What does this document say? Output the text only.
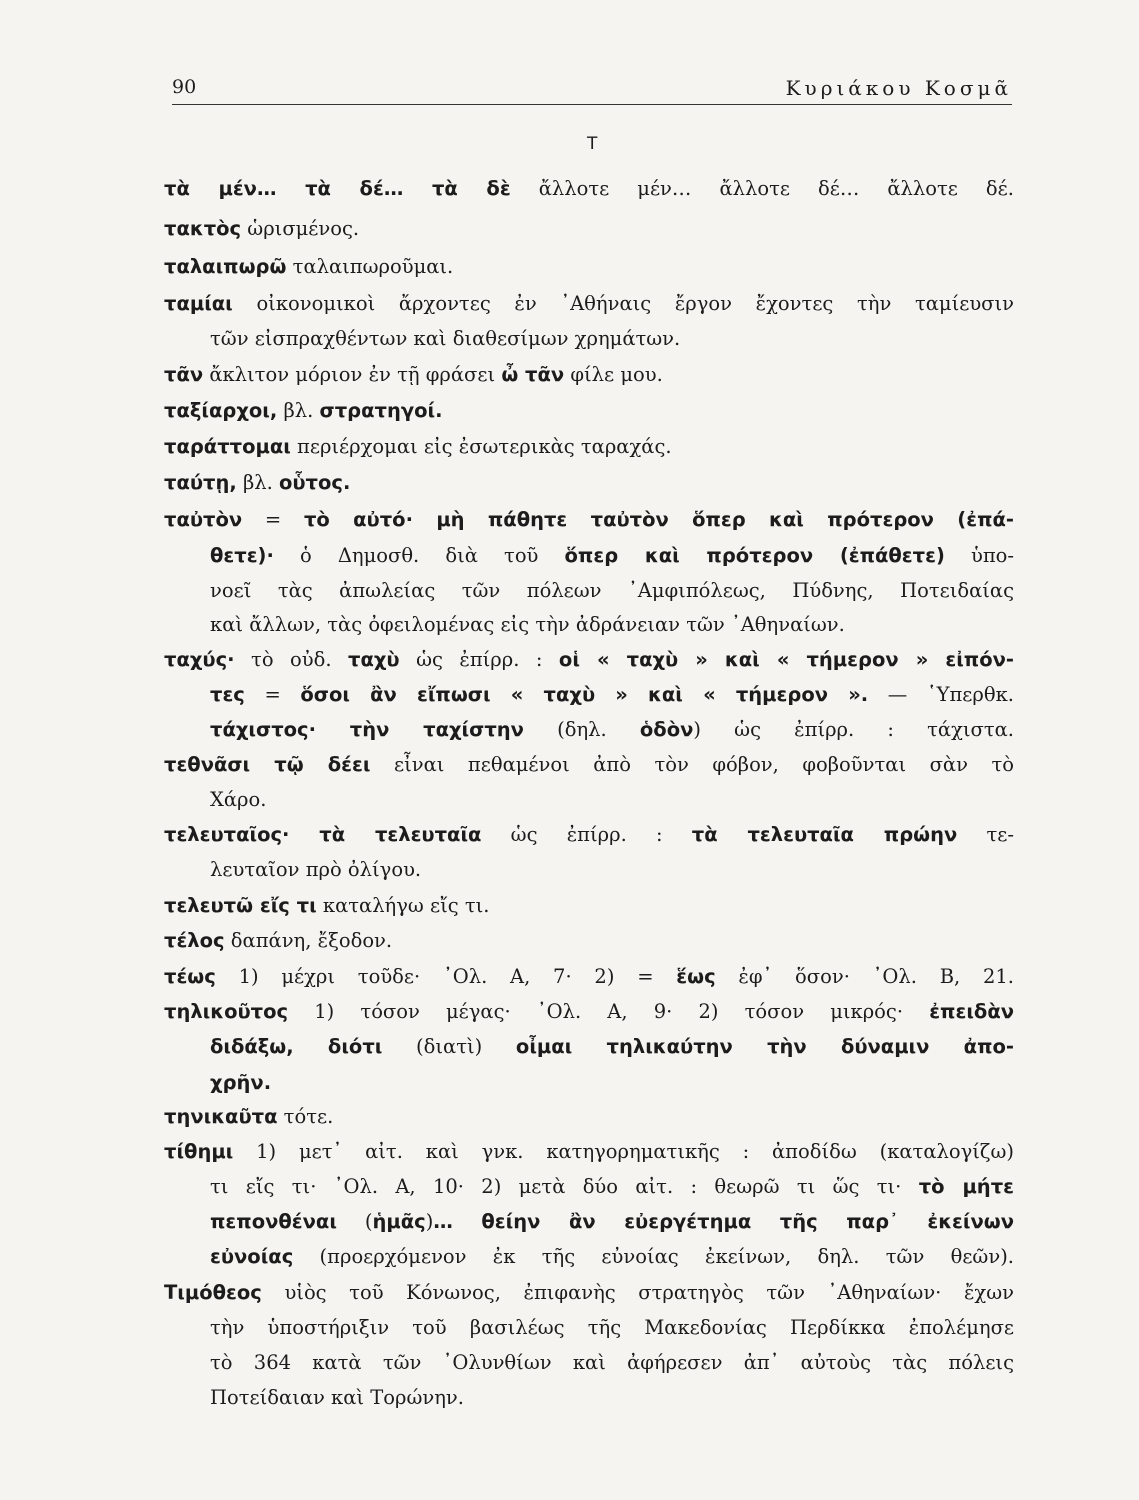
90	Κυριάκου Κοσμᾶ
Τ
τὰ μέν… τὰ δέ… τὰ δὲ ἄλλοτε μέν… ἄλλοτε δέ… ἄλλοτε δέ.
τακτὸς ὡρισμένος.
ταλαιπωρῶ ταλαιπωροῦμαι.
ταμίαι οἰκονομικοὶ ἄρχοντες ἐν ᾿Αθήναις ἔργον ἔχοντες τὴν ταμίευσιν
τῶν εἰσπραχθέντων καὶ διαθεσίμων χρημάτων.
τᾶν ἄκλιτον μόριον ἐν τῇ φράσει ὦ τᾶν φίλε μου.
ταξίαρχοι, βλ. στρατηγοί.
ταράττομαι περιέρχομαι εἰς ἐσωτερικὰς ταραχάς.
ταύτῃ, βλ. οὗτος.
ταὐτὸν = τὸ αὐτό· μὴ πάθητε ταὐτὸν ὅπερ καὶ πρότερον (ἐπά-
θετε)· ὁ Δημοσθ. διὰ τοῦ ὅπερ καὶ πρότερον (ἐπάθετε) ὑπο-
νοεῖ τὰς ἀπωλείας τῶν πόλεων ᾿Αμφιπόλεως, Πύδνης, Ποτειδαίας
καὶ ἄλλων, τὰς ὀφειλομένας εἰς τὴν ἀδράνειαν τῶν ᾿Αθηναίων.
ταχύς· τὸ οὐδ. ταχὺ ὡς ἐπίρρ. : οἱ « ταχὺ » καὶ « τήμερον » εἰπόν-
τες = ὅσοι ἂν εἴπωσι « ταχὺ » καὶ « τήμερον ». — ῾Υπερθκ.
τάχιστος· τὴν ταχίστην (δηλ. ὁδὸν) ὡς ἐπίρρ. : τάχιστα.
τεθνᾶσι τῷ δέει εἶναι πεθαμένοι ἀπὸ τὸν φόβον, φοβοῦνται σὰν τὸ
Χάρο.
τελευταῖος· τὰ τελευταῖα ὡς ἐπίρρ. : τὰ τελευταῖα πρώην τε-
λευταῖον πρὸ ὀλίγου.
τελευτῶ εἴς τι καταλήγω εἴς τι.
τέλος δαπάνη, ἔξοδον.
τέως 1) μέχρι τοῦδε· ᾿Ολ. Α, 7· 2) = ἕως ἐφ᾿ ὅσον· ᾿Ολ. Β, 21.
τηλικοῦτος 1) τόσον μέγας· ᾿Ολ. Α, 9· 2) τόσον μικρός· ἐπειδὰν
διδάξω, διότι (διατὶ) οἶμαι τηλικαύτην τὴν δύναμιν ἀπο-
χρῆν.
τηνικαῦτα τότε.
τίθημι 1) μετ᾿ αἰτ. καὶ γνκ. κατηγορηματικῆς : ἀποδίδω (καταλογίζω)
τι εἴς τι· ᾿Ολ. Α, 10· 2) μετὰ δύο αἰτ. : θεωρῶ τι ὥς τι· τὸ μήτε
πεπονθέναι (ἡμᾶς)… θείην ἂν εὐεργέτημα τῆς παρ᾿ ἐκείνων
εὐνοίας (προερχόμενον ἐκ τῆς εὐνοίας ἐκείνων, δηλ. τῶν θεῶν).
Τιμόθεος υἱὸς τοῦ Κόνωνος, ἐπιφανὴς στρατηγὸς τῶν ᾿Αθηναίων· ἔχων
τὴν ὑποστήριξιν τοῦ βασιλέως τῆς Μακεδονίας Περδίκκα ἐπολέμησε
τὸ 364 κατὰ τῶν ᾿Ολυνθίων καὶ ἀφήρεσεν ἀπ᾿ αὐτοὺς τὰς πόλεις
Ποτείδαιαν καὶ Τορώνην.
